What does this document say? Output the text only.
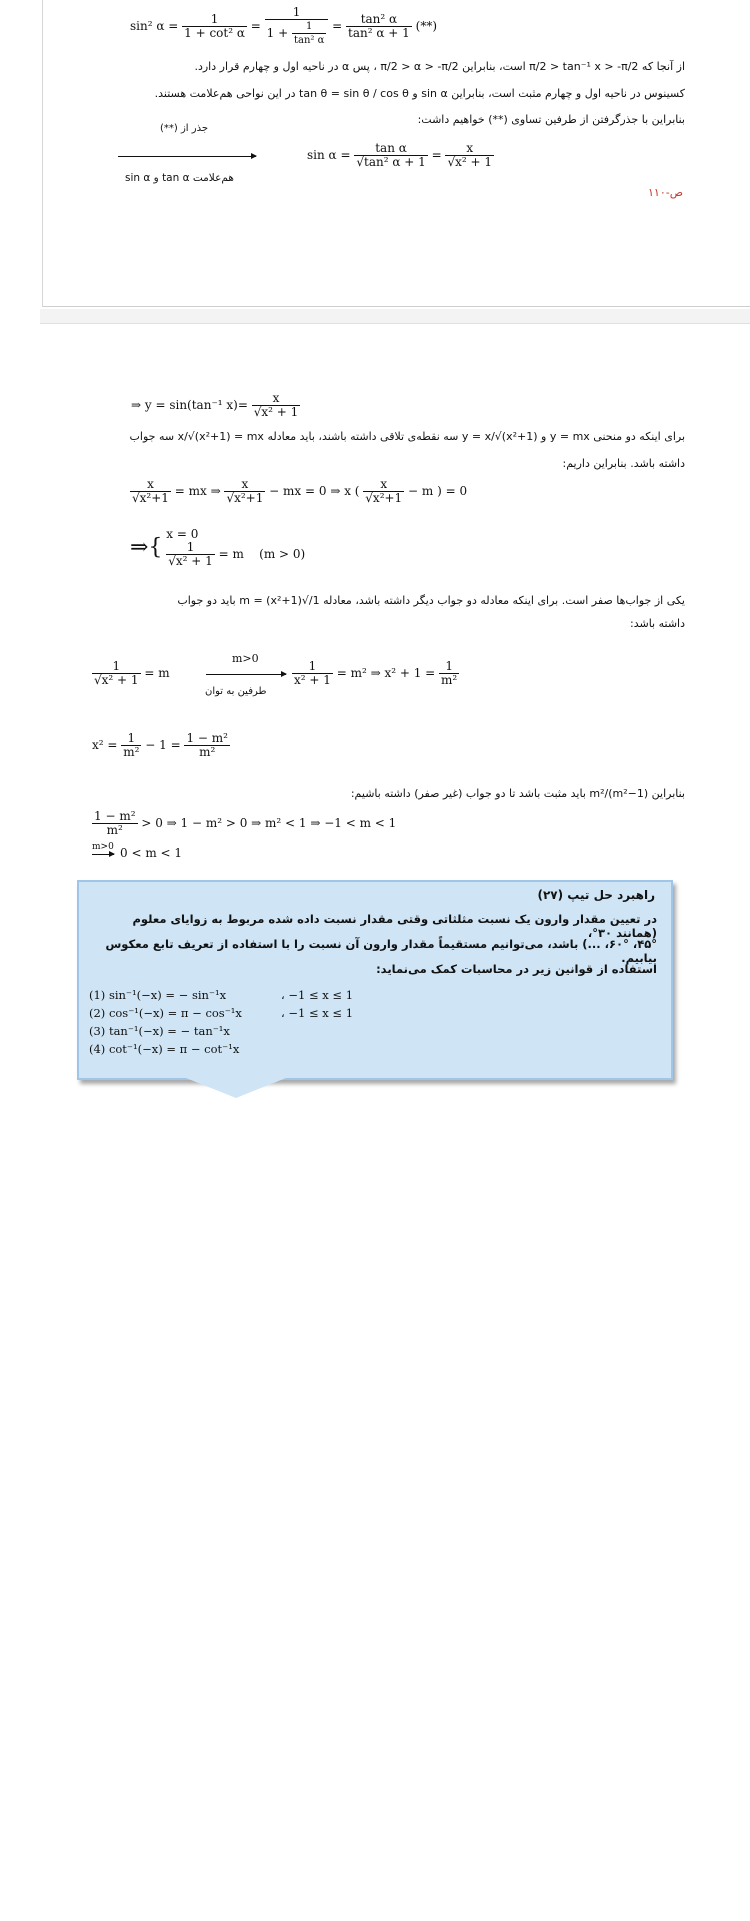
sin² $\alpha = \frac{1}{\text{1 + cot² α}} = \frac{1}{1 + \frac{1}{\text{tan² α}}} = \frac{\text{tan² α}}{\text{tan² α + 1}}$ (**)
از آنجا که π/2 > tan⁻¹ x > -π/2 است، بنابراین π/2 > α > -π/2 ، پس α در ناحیه اول و چهارم قرار دارد.
کسینوس در ناحیه اول و چهارم مثبت است، بنابراین sin α و tan θ = sin θ / cos θ در این نواحی هم‌علامت هستند.
بنابراین با جذرگرفتن از طرفین تساوی (**) خواهیم داشت:
جذر از (**)
هم‌علامت tan α و sin α
$\sin \alpha = \frac{\text{tan α}}{\text{√tan² α + 1}} = \frac{x}{\text{√x² + 1}}$
ص-۱۱۰
⇒ y = sin(tan⁻¹ $x)= \frac{x}{\text{√x² + 1}}$
برای اینکه دو منحنی y = mx و y = x/√(x²+1) سه نقطه‌ی تلاقی داشته باشند، باید معادله x/√(x²+1) = mx سه جواب
داشته باشد. بنابراین داریم:
$\frac{x}{\text{√x²+1}}$ = mx ⇒ $\frac{x}{\text{√x²+1}}$ − mx = 0 ⇒ x ( $\frac{x}{\text{√x²+1}} - m$ ) = 0
⇒{
x = 0
$\frac{1}{\text{√x² + 1}} = m$    (m > 0)
یکی از جواب‌ها صفر است. برای اینکه معادله دو جواب دیگر داشته باشد، معادله 1/√(x²+1) = m باید دو جواب
داشته باشد:
$\frac{1}{\text{√x² + 1}} = m$
m>0
طرفین به توان
$\frac{1}{\text{x² + 1}} = m^2$ ⇒ $x^2 + 1 = \frac{1}{\text{m²}}$
$x^2 = \frac{1}{\text{m²}} - 1 = \frac{\text{1 − m²}}{\text{m²}}$
بنابراین (1−m²)/m² باید مثبت باشد تا دو جواب (غیر صفر) داشته باشیم:
$\frac{\text{1 − m²}}{\text{m²}} > 0$ ⇒ 1 − m² > 0 ⇒ m² < 1 ⇒ −1 < m < 1
m>0 0 < m < 1
راهبرد حل تیپ (۲۷)
در تعیین مقدار وارون یک نسبت مثلثاتی وقتی مقدار نسبت داده شده مربوط به زوایای معلوم (همانند ۳۰°،
۴۵°، ۶۰°، ...) باشد، می‌توانیم مستقیماً مقدار وارون آن نسبت را با استفاده از تعریف تابع معکوس بیابیم.
استفاده از قوانین زیر در محاسبات کمک می‌نماید:
(1) sin⁻¹(−x) = − sin⁻¹x	، −1 ≤ x ≤ 1
(2) cos⁻¹(−x) = π − cos⁻¹x	، −1 ≤ x ≤ 1
(3) tan⁻¹(−x) = − tan⁻¹x
(4) cot⁻¹(−x) = π − cot⁻¹x
